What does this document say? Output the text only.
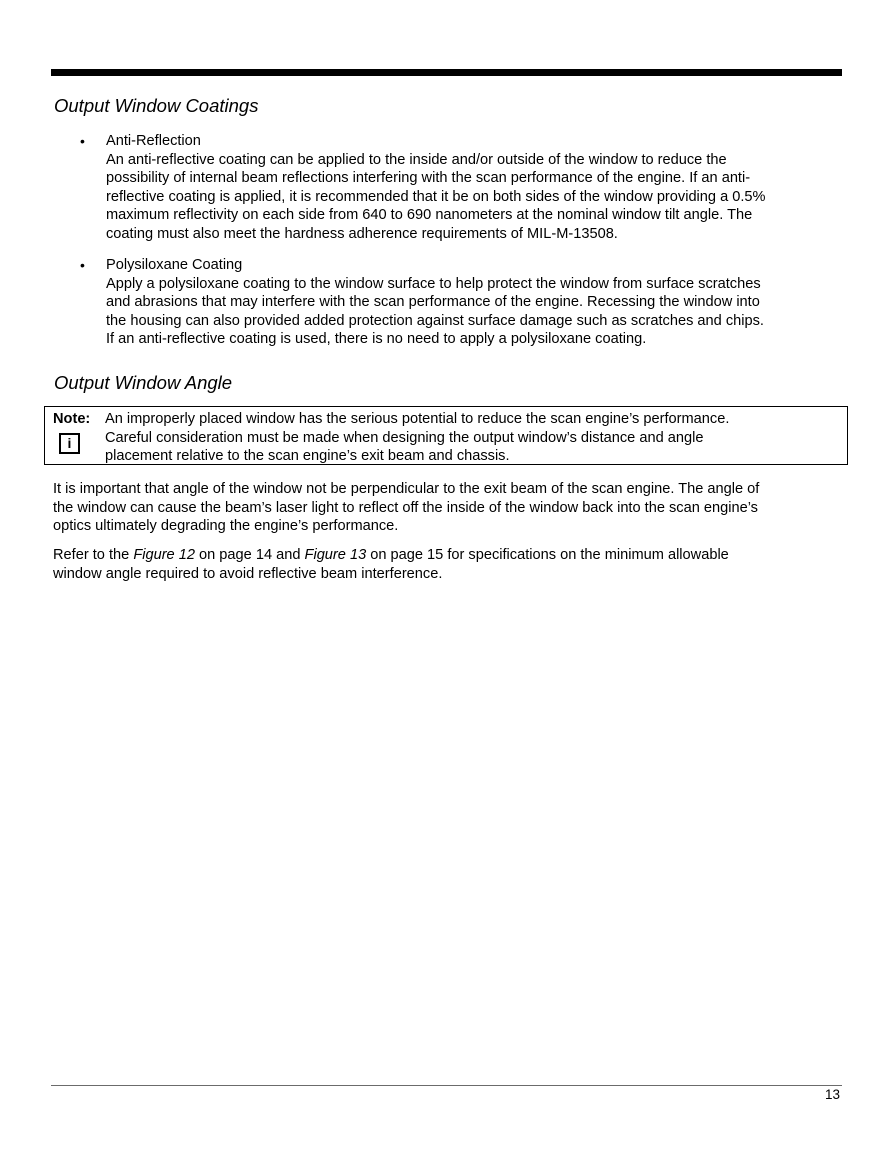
Output Window Coatings
•	Anti-Reflection
An anti-reflective coating can be applied to the inside and/or outside of the window to reduce the
possibility of internal beam reflections interfering with the scan performance of the engine. If an anti-
reflective coating is applied, it is recommended that it be on both sides of the window providing a 0.5%
maximum reflectivity on each side from 640 to 690 nanometers at the nominal window tilt angle. The
coating must also meet the hardness adherence requirements of MIL-M-13508.
•	Polysiloxane Coating
Apply a polysiloxane coating to the window surface to help protect the window from surface scratches
and abrasions that may interfere with the scan performance of the engine. Recessing the window into
the housing can also provided added protection against surface damage such as scratches and chips.
If an anti-reflective coating is used, there is no need to apply a polysiloxane coating.
Output Window Angle
Note:
i
An improperly placed window has the serious potential to reduce the scan engine’s performance.
Careful consideration must be made when designing the output window’s distance and angle
placement relative to the scan engine’s exit beam and chassis.
It is important that angle of the window not be perpendicular to the exit beam of the scan engine. The angle of
the window can cause the beam’s laser light to reflect off the inside of the window back into the scan engine’s
optics ultimately degrading the engine’s performance.
Refer to the Figure 12 on page 14 and Figure 13 on page 15 for specifications on the minimum allowable
window angle required to avoid reflective beam interference.
13
